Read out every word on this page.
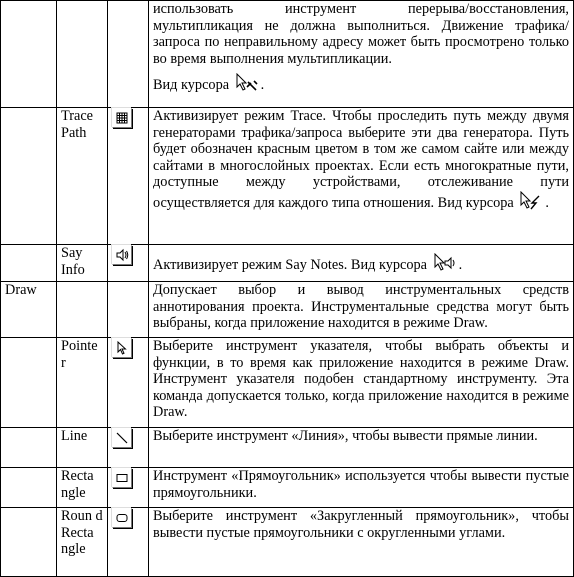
			использовать инструмент перерыва/восстановления, мультипликация не должна выполниться. Движение трафика/запроса по неправильному адресу может быть просмотрено только во время выполнения мультипликации.
Вид курсора .

	Trace Path		Активизирует режим Trace. Чтобы проследить путь между двумя генераторами трафика/запроса выберите эти два генератора. Путь будет обозначен красным цветом в том же самом сайте или между сайтами в многослойных проектах. Если есть многократные пути, доступные между устройствами, отслеживание пути осуществляется для каждого типа отношения. Вид курсора .
	Say Info		Активизирует режим Say Notes. Вид курсора .
Draw			Допускает выбор и вывод инструментальных средств аннотирования проекта. Инструментальные средства могут быть выбраны, когда приложение находится в режиме Draw.
	Pointe r		Выберите инструмент указателя, чтобы выбрать объекты и функции, в то время как приложение находится в режиме Draw. Инструмент указателя подобен стандартному инструменту. Эта команда допускается только, когда приложение находится в режиме Draw.
	Line		Выберите инструмент «Линия», чтобы вывести прямые линии.
	Recta ngle		Инструмент «Прямоугольник» используется чтобы вывести пустые прямоугольники.
	Roun d Recta ngle		Выберите инструмент «Закругленный прямоугольник», чтобы вывести пустые прямоугольники с округленными углами.
